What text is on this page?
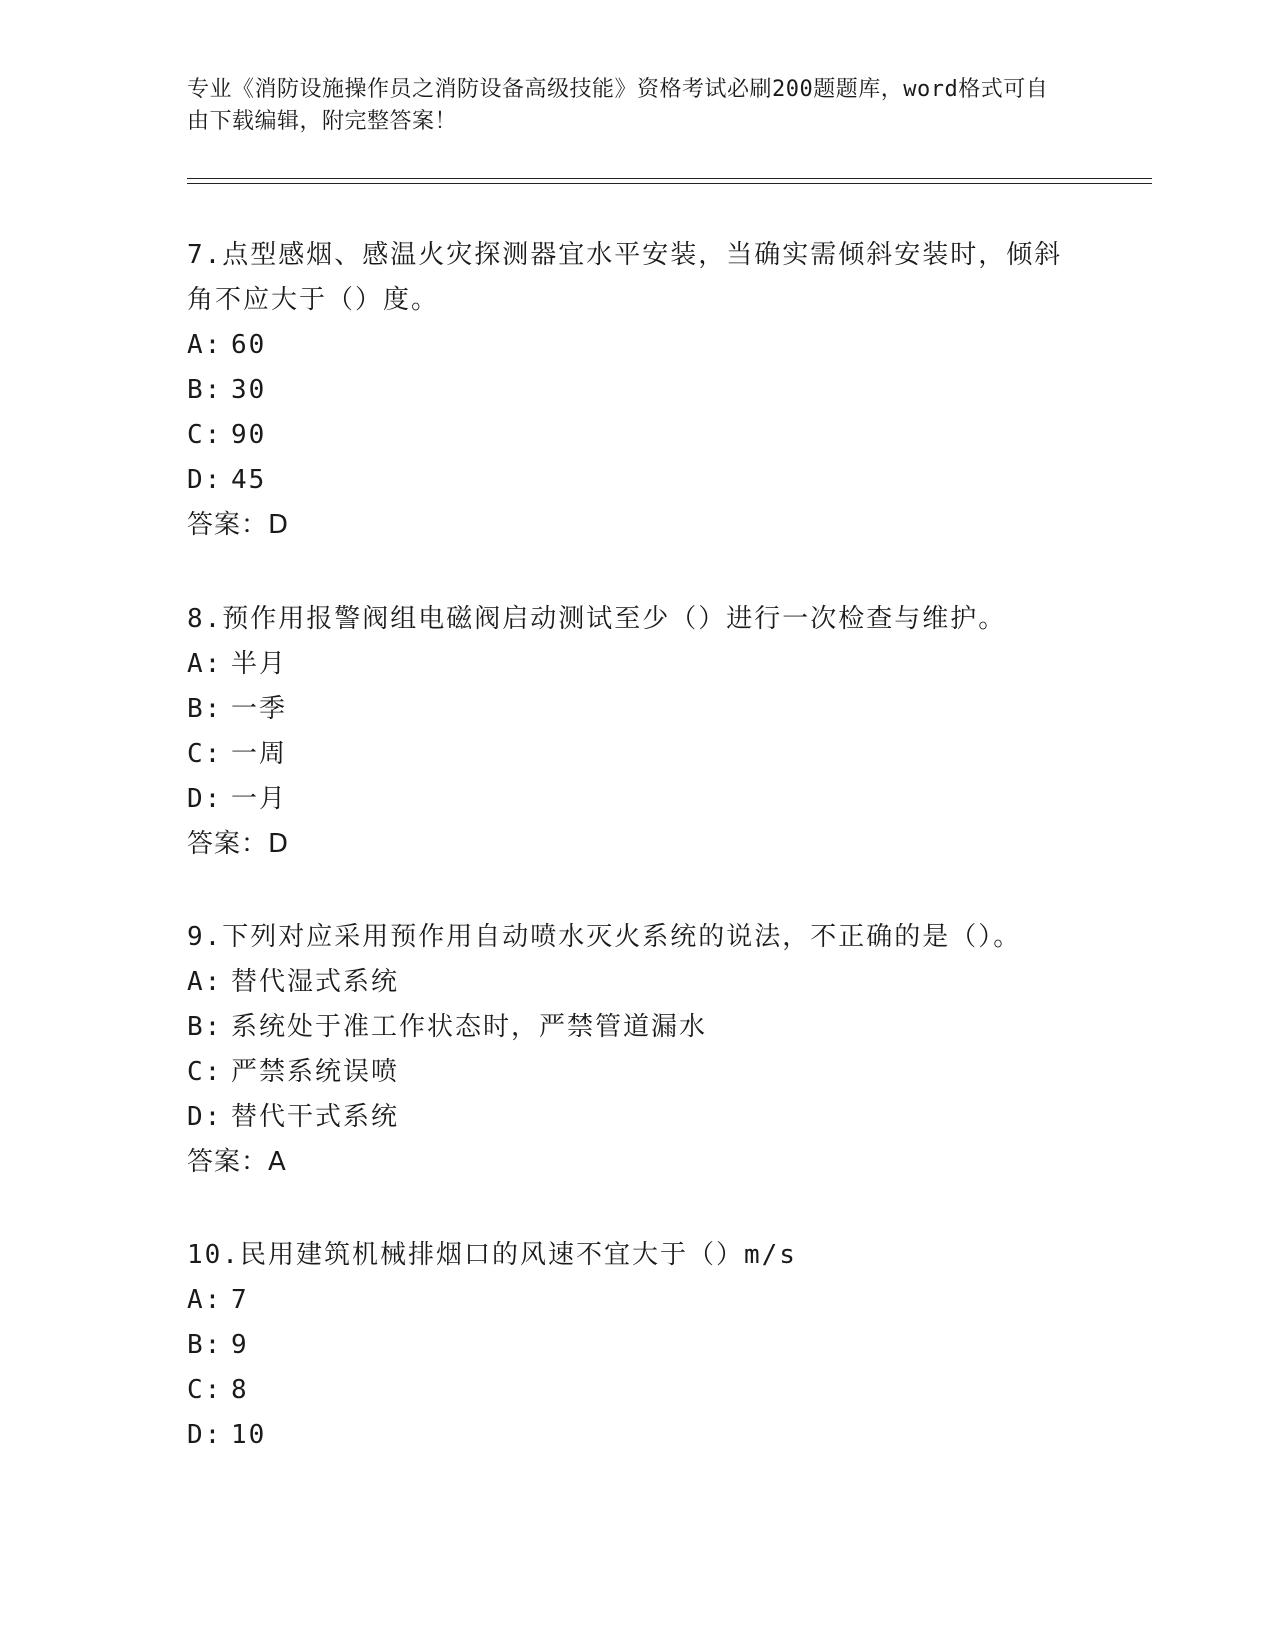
专业《消防设施操作员之消防设备高级技能》资格考试必刷200题题库，word格式可自由下载编辑，附完整答案！

7.点型感烟、感温火灾探测器宜水平安装，当确实需倾斜安装时，倾斜角不应大于（）度。

A: 60
B: 30
C: 90
D: 45
答案：D

8.预作用报警阀组电磁阀启动测试至少（）进行一次检查与维护。

A: 半月
B: 一季
C: 一周
D: 一月
答案：D

9.下列对应采用预作用自动喷水灭火系统的说法，不正确的是（）。

A: 替代湿式系统
B: 系统处于准工作状态时，严禁管道漏水
C: 严禁系统误喷
D: 替代干式系统
答案：A

10.民用建筑机械排烟口的风速不宜大于（）m/s

A: 7
B: 9
C: 8
D: 10
